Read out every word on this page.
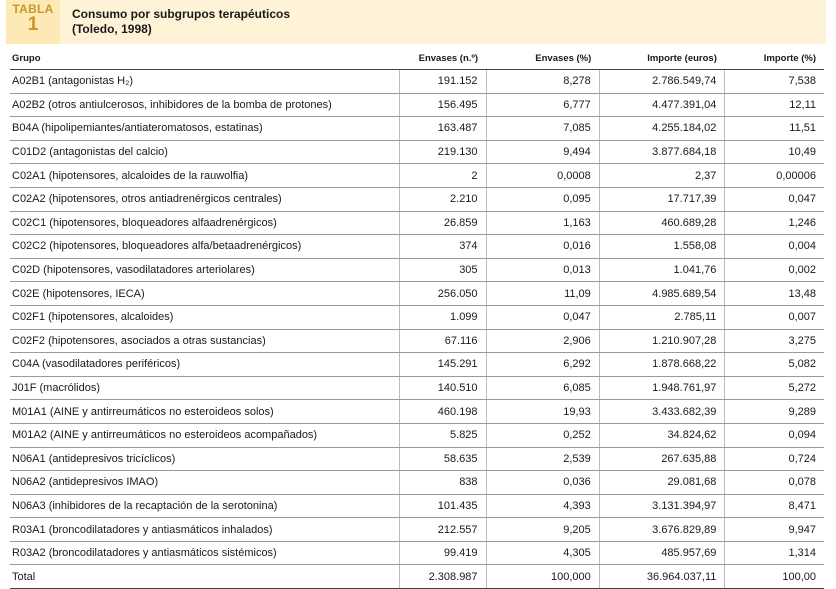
TABLA
1	Consumo por subgrupos terapéuticos
(Toledo, 1998)
Grupo	Envases (n.º)	Envases (%)	Importe (euros)	Importe (%)
A02B1 (antagonistas H₂)	191.152	8,278	2.786.549,74	7,538
A02B2 (otros antiulcerosos, inhibidores de la bomba de protones)	156.495	6,777	4.477.391,04	12,11
B04A (hipolipemiantes/antiateromatosos, estatinas)	163.487	7,085	4.255.184,02	11,51
C01D2 (antagonistas del calcio)	219.130	9,494	3.877.684,18	10,49
C02A1 (hipotensores, alcaloides de la rauwolfia)	2	0,0008	2,37	0,00006
C02A2 (hipotensores, otros antiadrenérgicos centrales)	2.210	0,095	17.717,39	0,047
C02C1 (hipotensores, bloqueadores alfaadrenérgicos)	26.859	1,163	460.689,28	1,246
C02C2 (hipotensores, bloqueadores alfa/betaadrenérgicos)	374	0,016	1.558,08	0,004
C02D (hipotensores, vasodilatadores arteriolares)	305	0,013	1.041,76	0,002
C02E (hipotensores, IECA)	256.050	11,09	4.985.689,54	13,48
C02F1 (hipotensores, alcaloides)	1.099	0,047	2.785,11	0,007
C02F2 (hipotensores, asociados a otras sustancias)	67.116	2,906	1.210.907,28	3,275
C04A (vasodilatadores periféricos)	145.291	6,292	1.878.668,22	5,082
J01F (macrólidos)	140.510	6,085	1.948.761,97	5,272
M01A1 (AINE y antirreumáticos no esteroideos solos)	460.198	19,93	3.433.682,39	9,289
M01A2 (AINE y antirreumáticos no esteroideos acompañados)	5.825	0,252	34.824,62	0,094
N06A1 (antidepresivos tricíclicos)	58.635	2,539	267.635,88	0,724
N06A2 (antidepresivos IMAO)	838	0,036	29.081,68	0,078
N06A3 (inhibidores de la recaptación de la serotonina)	101.435	4,393	3.131.394,97	8,471
R03A1 (broncodilatadores y antiasmáticos inhalados)	212.557	9,205	3.676.829,89	9,947
R03A2 (broncodilatadores y antiasmáticos sistémicos)	99.419	4,305	485.957,69	1,314
Total	2.308.987	100,000	36.964.037,11	100,00
